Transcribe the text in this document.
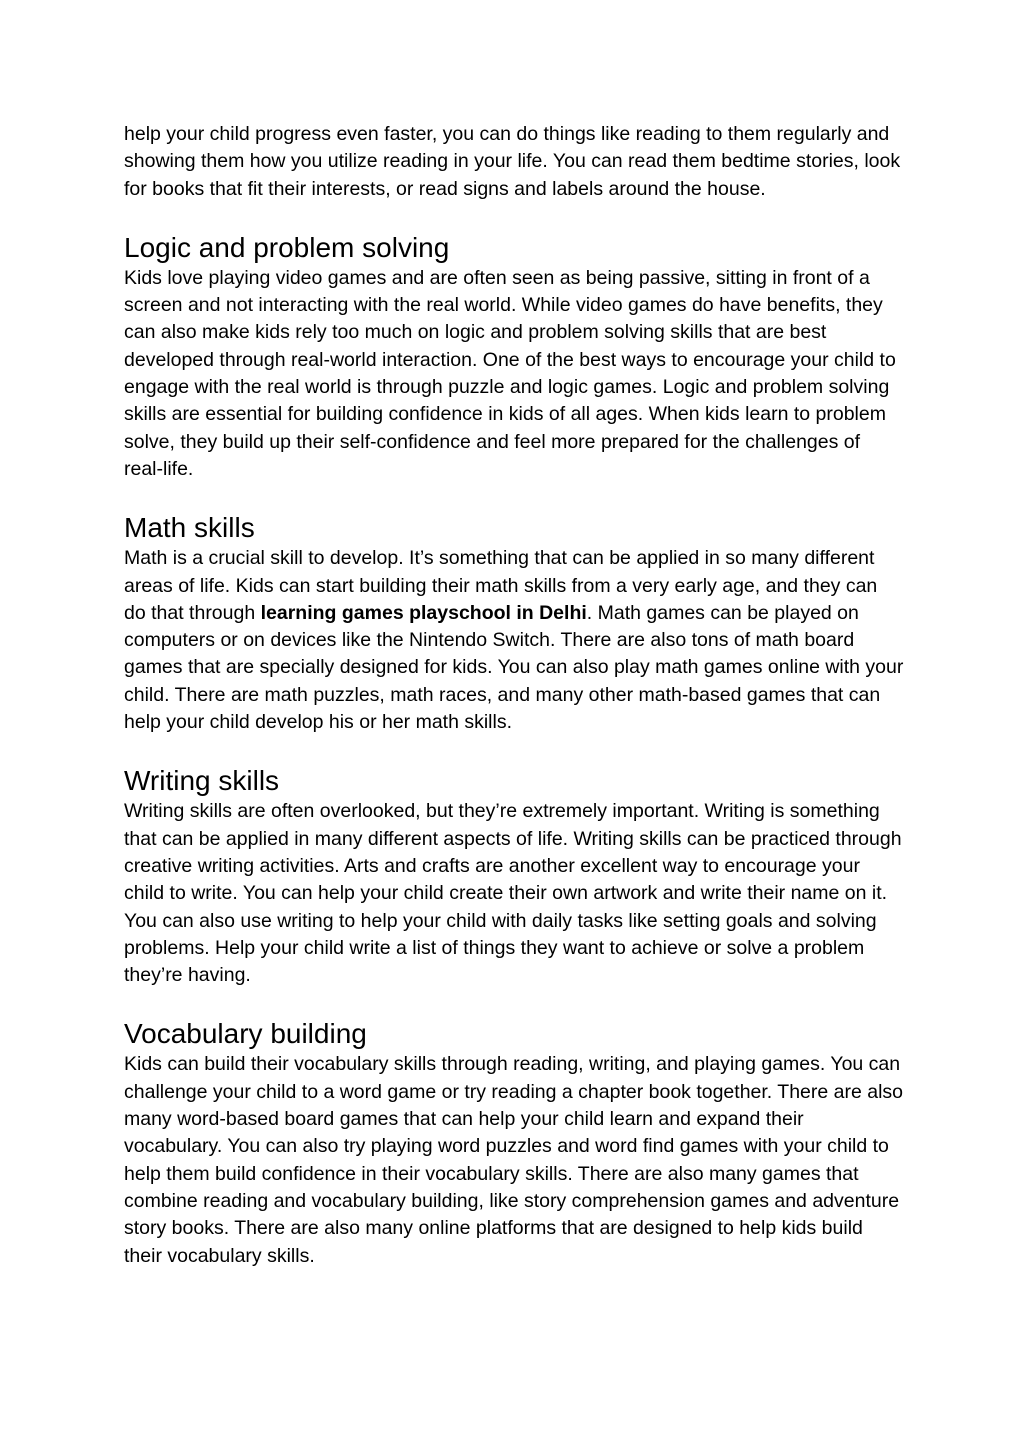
help your child progress even faster, you can do things like reading to them regularly and showing them how you utilize reading in your life. You can read them bedtime stories, look for books that fit their interests, or read signs and labels around the house.

Logic and problem solving

Kids love playing video games and are often seen as being passive, sitting in front of a screen and not interacting with the real world. While video games do have benefits, they can also make kids rely too much on logic and problem solving skills that are best developed through real-world interaction. One of the best ways to encourage your child to engage with the real world is through puzzle and logic games. Logic and problem solving skills are essential for building confidence in kids of all ages. When kids learn to problem solve, they build up their self-confidence and feel more prepared for the challenges of real-life.

Math skills

Math is a crucial skill to develop. It’s something that can be applied in so many different areas of life. Kids can start building their math skills from a very early age, and they can do that through learning games playschool in Delhi. Math games can be played on computers or on devices like the Nintendo Switch. There are also tons of math board games that are specially designed for kids. You can also play math games online with your child. There are math puzzles, math races, and many other math-based games that can help your child develop his or her math skills.

Writing skills

Writing skills are often overlooked, but they’re extremely important. Writing is something that can be applied in many different aspects of life. Writing skills can be practiced through creative writing activities. Arts and crafts are another excellent way to encourage your child to write. You can help your child create their own artwork and write their name on it. You can also use writing to help your child with daily tasks like setting goals and solving problems. Help your child write a list of things they want to achieve or solve a problem they’re having.

Vocabulary building

Kids can build their vocabulary skills through reading, writing, and playing games. You can challenge your child to a word game or try reading a chapter book together. There are also many word-based board games that can help your child learn and expand their vocabulary. You can also try playing word puzzles and word find games with your child to help them build confidence in their vocabulary skills. There are also many games that combine reading and vocabulary building, like story comprehension games and adventure story books. There are also many online platforms that are designed to help kids build their vocabulary skills.
